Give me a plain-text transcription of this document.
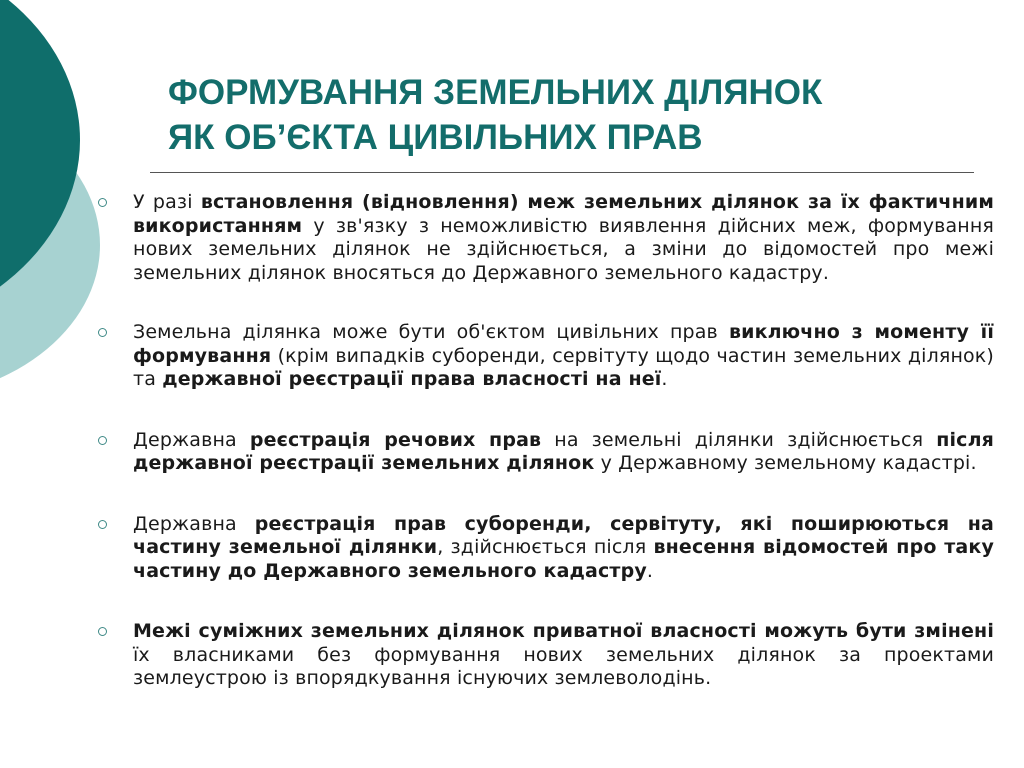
ФОРМУВАННЯ ЗЕМЕЛЬНИХ ДІЛЯНОК
ЯК ОБ’ЄКТА ЦИВІЛЬНИХ ПРАВ
У разі встановлення (відновлення) меж земельних ділянок за їх фактичним використанням у зв'язку з неможливістю виявлення дійсних меж, формування нових земельних ділянок не здійснюється, а зміни до відомостей про межі земельних ділянок вносяться до Державного земельного кадастру.
Земельна ділянка може бути об'єктом цивільних прав виключно з моменту її формування (крім випадків суборенди, сервітуту щодо частин земельних ділянок) та державної реєстрації права власності на неї.
Державна реєстрація речових прав на земельні ділянки здійснюється після державної реєстрації земельних ділянок у Державному земельному кадастрі.
Державна реєстрація прав суборенди, сервітуту, які поширюються на частину земельної ділянки, здійснюється після внесення відомостей про таку частину до Державного земельного кадастру.
Межі суміжних земельних ділянок приватної власності можуть бути змінені їх власниками без формування нових земельних ділянок за проектами землеустрою із впорядкування існуючих землеволодінь.
